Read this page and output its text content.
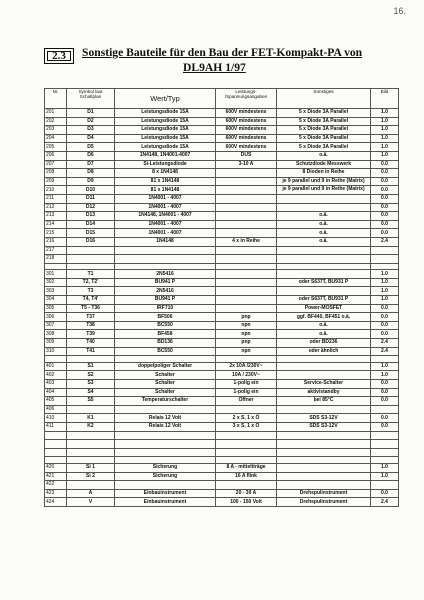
16.
2.3 Sonstige Bauteile für den Bau der FET-Kompakt-PA von
DL9AH 1/97
Nr.	Symbol laut Schaltplan	Wert/Typ	Leistungs- /Spannungsangaben	Sonstiges	Bild
201	D1	Leistungsdiode 15A	600V mindestens	5 x Diode 3A Parallel	1.0
202	D2	Leistungsdiode 15A	600V mindestens	5 x Diode 3A Parallel	1.0
203	D3	Leistungsdiode 15A	600V mindestens	5 x Diode 3A Parallel	1.0
204	D4	Leistungsdiode 15A	600V mindestens	5 x Diode 3A Parallel	1.0
205	D5	Leistungsdiode 15A	600V mindestens	5 x Diode 3A Parallel	1.0
206	D6	1N4148, 1N4001-4007	DUS	o.ä.	1.0
207	D7	Si-Leistungsdiode	3-10 A	Schutzdiode Messwerk	0.0
208	D8	8 x 1N4148		8 Dioden in Reihe	0.0
209	D9	81 x 1N4148		je 9 parallel und 9 in Reihe (Matrix)	0.0
210	D10	81 x 1N4148		je 9 parallel und 9 in Reihe (Matrix)	0.0
211	D11	1N4001 - 4007			0.0
212	D12	1N4001 - 4007			0.0
213	D13	1N4148, 1N4001 - 4007		o.ä.	0.0
214	D14	1N4001 - 4007		o.ä.	0.0
215	D15	1N4001 - 4007		o.ä.	0.0
216	D16	1N4148	4 x in Reihe	o.ä.	2.4
217					
218					

301	T1	2N5416			1.0
302	T2, T2'	BU941 P		oder S637T, BU931 P	1.0
303	T3	2N5416			1.0
304	T4, T4'	BU941 P		oder S637T, BU931 P	1.0
305	T5 - T36	IRF710		Power-MOSFET	0.0
306	T37	BF506	pnp	ggf. BF440, BF451 o.ä.	0.0
307	T38	BC550	npn	o.ä.	0.0
308	T39	BF458	npn	o.ä.	0.0
309	T40	BD136	pnp	oder BD236	2.4
310	T41	BC550	npn	oder ähnlich	2.4

401	S1	doppelpoliger Schalter	2x 10A /230V~		1.0
402	S2	Schalter	10A / 230V~		1.0
403	S3	Schalter	1-polig ein	Service-Schalter	0.0
404	S4	Schalter	1-polig ein	aktiv/standby	0.0
405	S5	Temperaturschalter	Öffner	bei 85°C	0.0
406					
410	K1	Relais 12 Volt	2 x S, 1 x Ö	SDS S3-12V	0.0
411	K2	Relais 12 Volt	3 x S, 1 x Ö	SDS S3-12V	0.0

420	Si 1	Sicherung	8 A - mitteltträge		1.0
421	Si 2	Sicherung	16 A flink		1.0
422					
423	A	Einbauinstrument	20 - 30 A	Drehspulinstrument	0.0
424	V	Einbauinstrument	100 - 150 Volt	Drehspulinstrument	2.4
